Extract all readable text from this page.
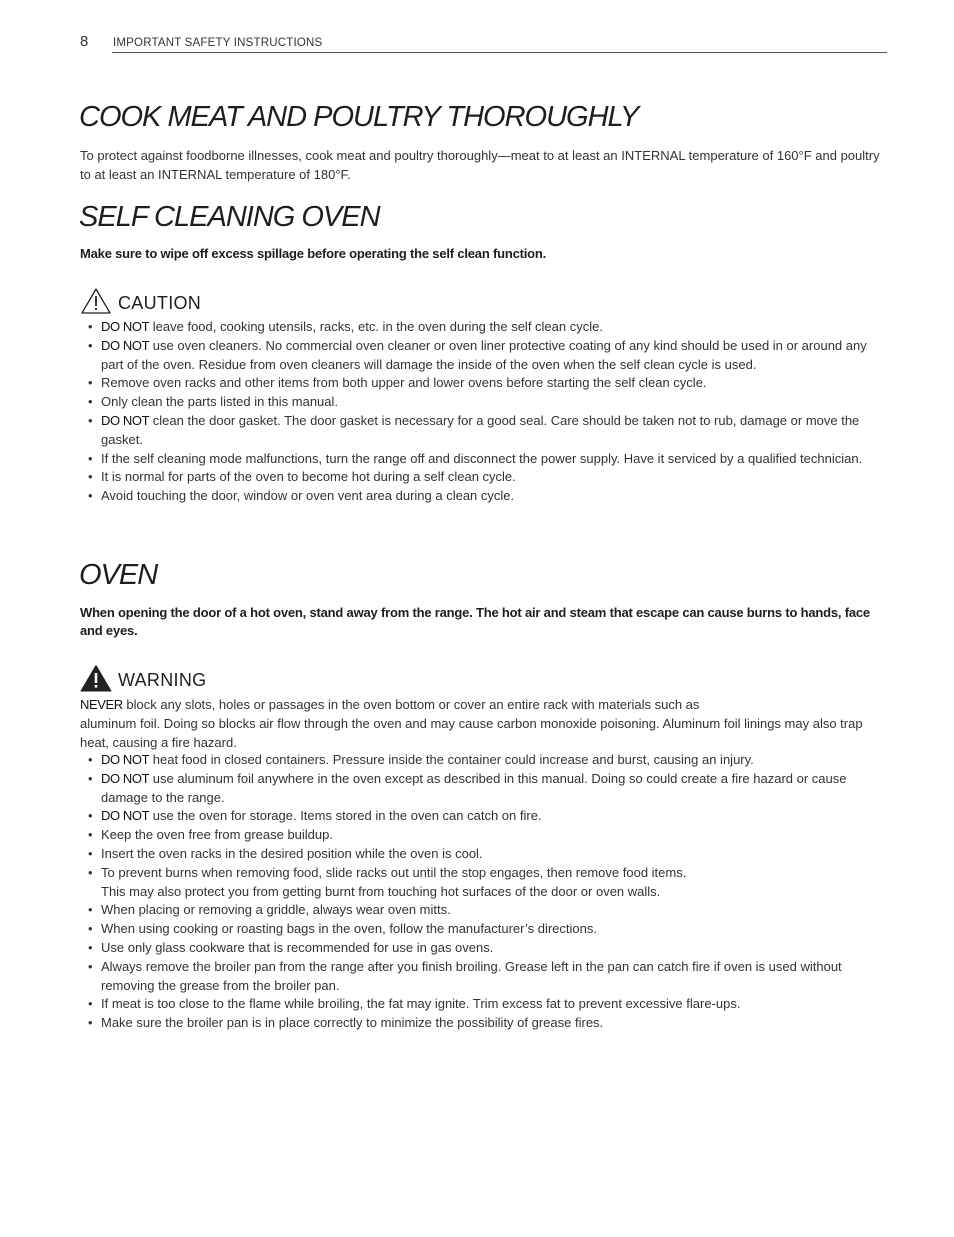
8 IMPORTANT SAFETY INSTRUCTIONS
COOK MEAT AND POULTRY THOROUGHLY

To protect against foodborne illnesses, cook meat and poultry thoroughly—meat to at least an INTERNAL temperature of 160°F and poultry to at least an INTERNAL temperature of 180°F.

SELF CLEANING OVEN

Make sure to wipe off excess spillage before operating the self clean function.

CAUTION
• DO NOT leave food, cooking utensils, racks, etc. in the oven during the self clean cycle.
• DO NOT use oven cleaners. No commercial oven cleaner or oven liner protective coating of any kind should be used in or around any part of the oven. Residue from oven cleaners will damage the inside of the oven when the self clean cycle is used.
• Remove oven racks and other items from both upper and lower ovens before starting the self clean cycle.
• Only clean the parts listed in this manual.
• DO NOT clean the door gasket. The door gasket is necessary for a good seal. Care should be taken not to rub, damage or move the gasket.
• If the self cleaning mode malfunctions, turn the range off and disconnect the power supply. Have it serviced by a qualified technician.
• It is normal for parts of the oven to become hot during a self clean cycle.
• Avoid touching the door, window or oven vent area during a clean cycle.
OVEN

When opening the door of a hot oven, stand away from the range. The hot air and steam that escape can cause burns to hands, face and eyes.

WARNING

NEVER block any slots, holes or passages in the oven bottom or cover an entire rack with materials such as
aluminum foil. Doing so blocks air flow through the oven and may cause carbon monoxide poisoning. Aluminum foil linings may also trap heat, causing a fire hazard.

• DO NOT heat food in closed containers. Pressure inside the container could increase and burst, causing an injury.
• DO NOT use aluminum foil anywhere in the oven except as described in this manual. Doing so could create a fire hazard or cause damage to the range.
• DO NOT use the oven for storage. Items stored in the oven can catch on fire.
• Keep the oven free from grease buildup.
• Insert the oven racks in the desired position while the oven is cool.
• To prevent burns when removing food, slide racks out until the stop engages, then remove food items.
This may also protect you from getting burnt from touching hot surfaces of the door or oven walls.
• When placing or removing a griddle, always wear oven mitts.
• When using cooking or roasting bags in the oven, follow the manufacturer’s directions.
• Use only glass cookware that is recommended for use in gas ovens.
• Always remove the broiler pan from the range after you finish broiling. Grease left in the pan can catch fire if oven is used without removing the grease from the broiler pan.
• If meat is too close to the flame while broiling, the fat may ignite. Trim excess fat to prevent excessive flare-ups.
• Make sure the broiler pan is in place correctly to minimize the possibility of grease fires.
